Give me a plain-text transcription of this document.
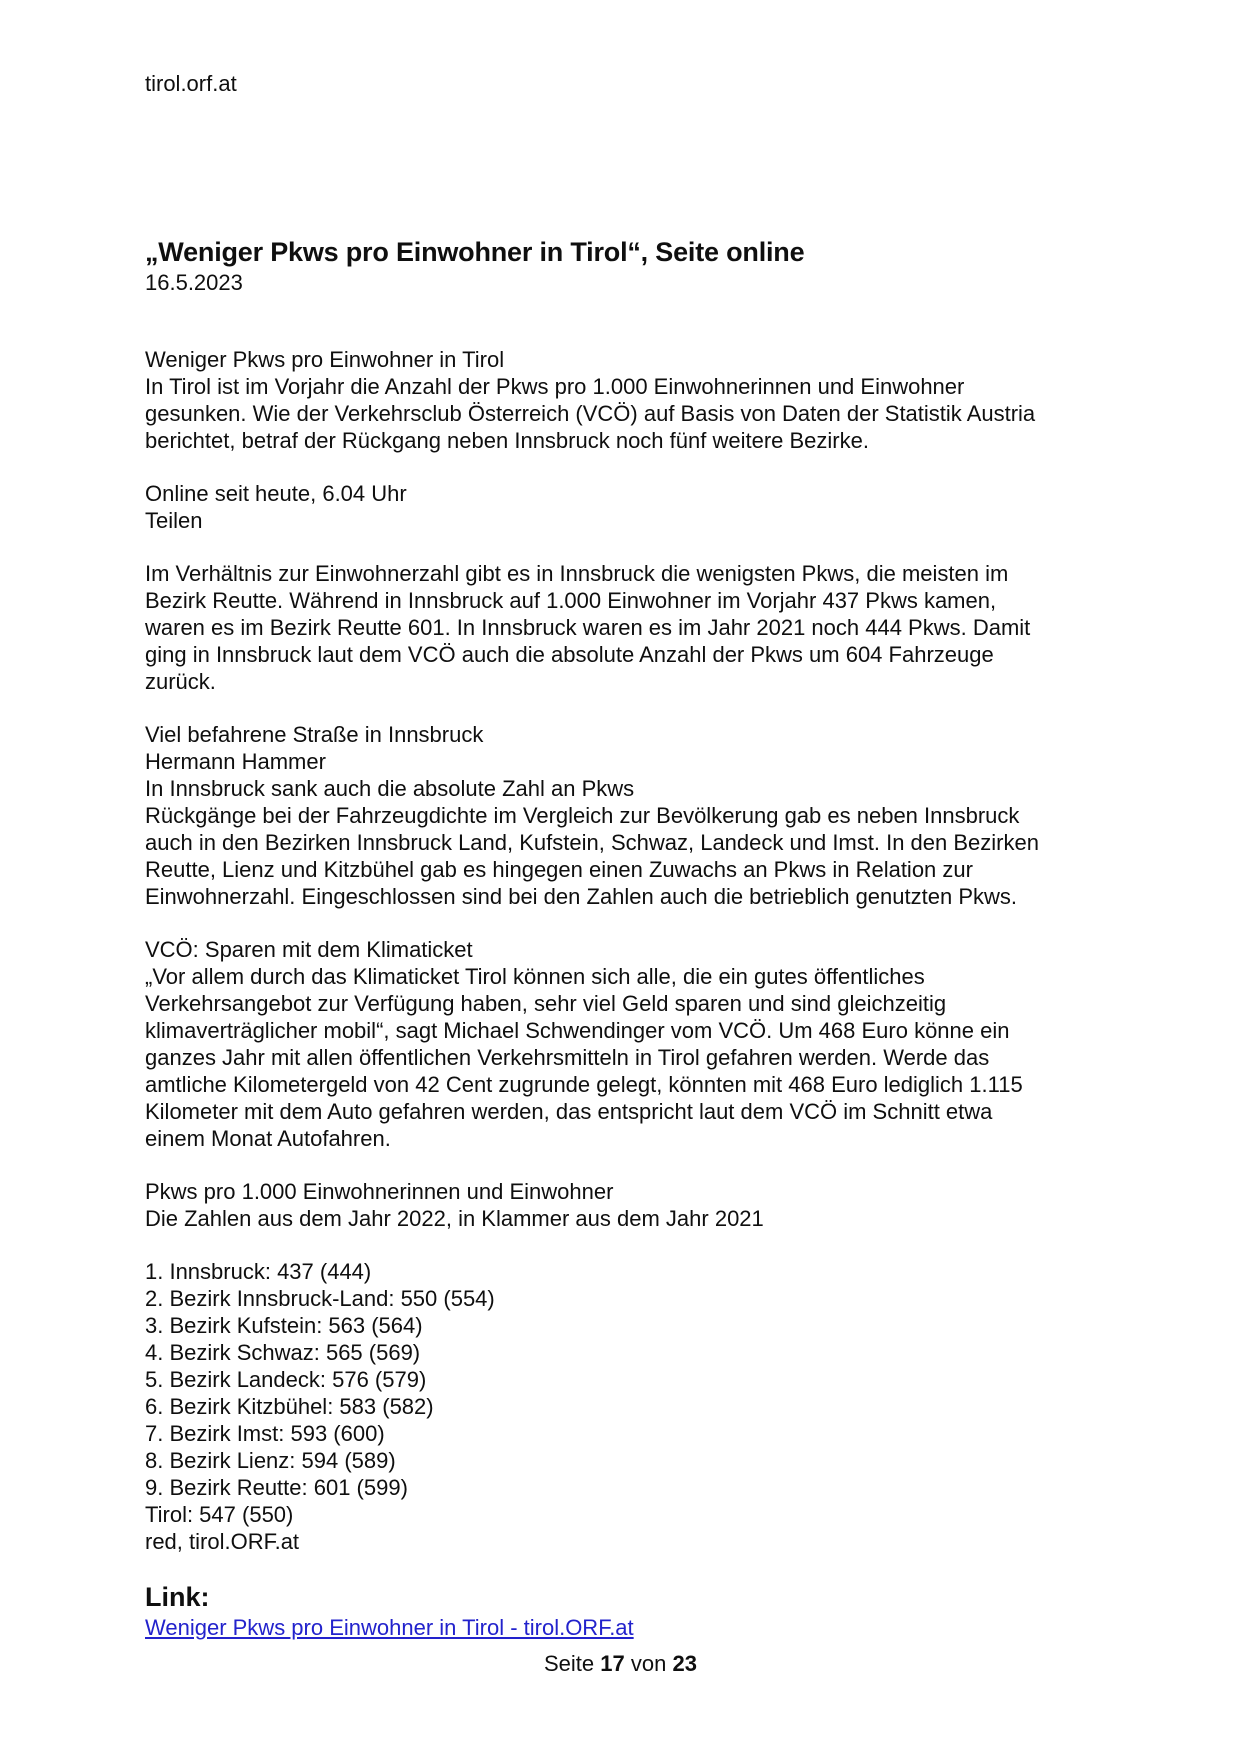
tirol.orf.at
„Weniger Pkws pro Einwohner in Tirol“, Seite online
16.5.2023
Weniger Pkws pro Einwohner in Tirol
In Tirol ist im Vorjahr die Anzahl der Pkws pro 1.000 Einwohnerinnen und Einwohner gesunken. Wie der Verkehrsclub Österreich (VCÖ) auf Basis von Daten der Statistik Austria berichtet, betraf der Rückgang neben Innsbruck noch fünf weitere Bezirke.
Online seit heute, 6.04 Uhr
Teilen
Im Verhältnis zur Einwohnerzahl gibt es in Innsbruck die wenigsten Pkws, die meisten im Bezirk Reutte. Während in Innsbruck auf 1.000 Einwohner im Vorjahr 437 Pkws kamen, waren es im Bezirk Reutte 601. In Innsbruck waren es im Jahr 2021 noch 444 Pkws. Damit ging in Innsbruck laut dem VCÖ auch die absolute Anzahl der Pkws um 604 Fahrzeuge zurück.
Viel befahrene Straße in Innsbruck
Hermann Hammer
In Innsbruck sank auch die absolute Zahl an Pkws
Rückgänge bei der Fahrzeugdichte im Vergleich zur Bevölkerung gab es neben Innsbruck auch in den Bezirken Innsbruck Land, Kufstein, Schwaz, Landeck und Imst. In den Bezirken Reutte, Lienz und Kitzbühel gab es hingegen einen Zuwachs an Pkws in Relation zur Einwohnerzahl. Eingeschlossen sind bei den Zahlen auch die betrieblich genutzten Pkws.
VCÖ: Sparen mit dem Klimaticket
„Vor allem durch das Klimaticket Tirol können sich alle, die ein gutes öffentliches Verkehrsangebot zur Verfügung haben, sehr viel Geld sparen und sind gleichzeitig klimaverträglicher mobil“, sagt Michael Schwendinger vom VCÖ. Um 468 Euro könne ein ganzes Jahr mit allen öffentlichen Verkehrsmitteln in Tirol gefahren werden. Werde das amtliche Kilometergeld von 42 Cent zugrunde gelegt, könnten mit 468 Euro lediglich 1.115 Kilometer mit dem Auto gefahren werden, das entspricht laut dem VCÖ im Schnitt etwa einem Monat Autofahren.
Pkws pro 1.000 Einwohnerinnen und Einwohner
Die Zahlen aus dem Jahr 2022, in Klammer aus dem Jahr 2021
1. Innsbruck: 437 (444)
2. Bezirk Innsbruck-Land: 550 (554)
3. Bezirk Kufstein: 563 (564)
4. Bezirk Schwaz: 565 (569)
5. Bezirk Landeck: 576 (579)
6. Bezirk Kitzbühel: 583 (582)
7. Bezirk Imst: 593 (600)
8. Bezirk Lienz: 594 (589)
9. Bezirk Reutte: 601 (599)
Tirol: 547 (550)
red, tirol.ORF.at
Link:
Weniger Pkws pro Einwohner in Tirol - tirol.ORF.at
Seite 17 von 23
